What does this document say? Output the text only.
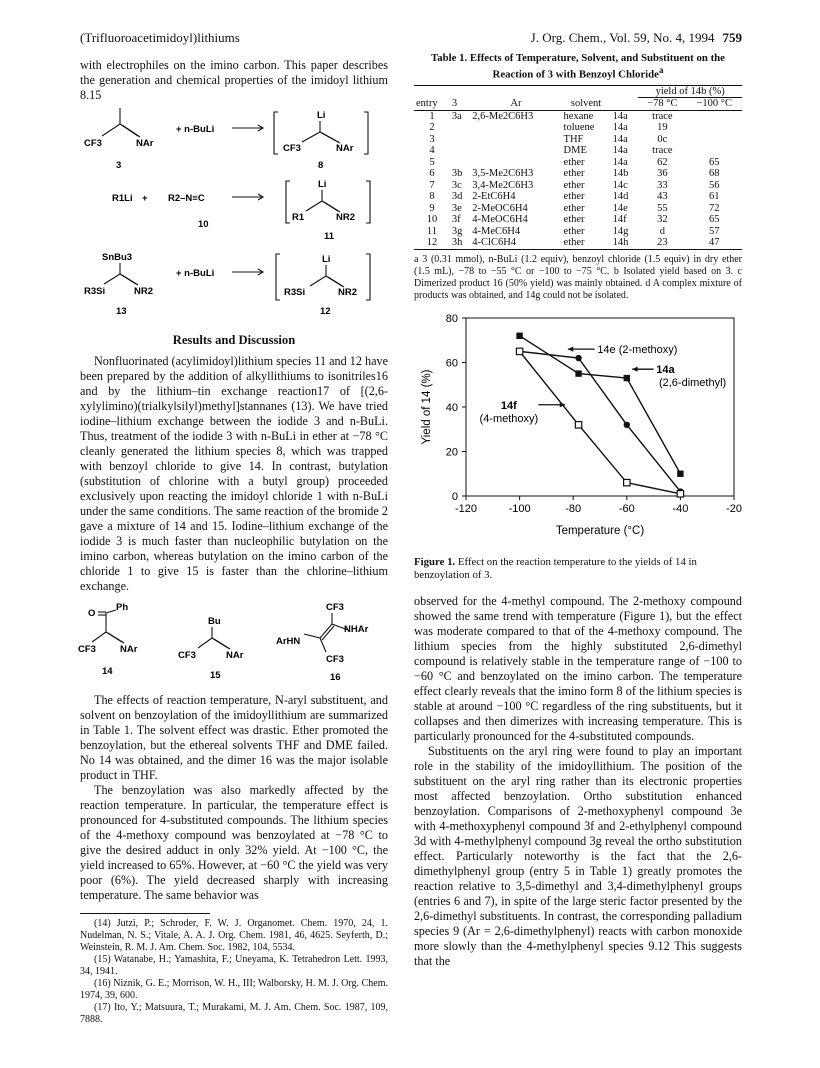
(Trifluoroacetimidoyl)lithiums	J. Org. Chem., Vol. 59, No. 4, 1994 759

with electrophiles on the imino carbon. This paper describes the generation and chemical properties of the imidoyl lithium 8.15

CF3	NAr
3
+ n-BuLi
Li
CF3	NAr
8

R1Li + R2–N≡C
10
Li
R1	NR2
11

SnBu3
R3Si	NR2
13
+ n-BuLi
Li
R3Si	NR2
12

Results and Discussion

Nonfluorinated (acylimidoyl)lithium species 11 and 12 have been prepared by the addition of alkyllithiums to isonitriles16 and by the lithium–tin exchange reaction17 of [(2,6-xylylimino)(trialkylsilyl)methyl]stannanes (13). We have tried iodine–lithium exchange between the iodide 3 and n-BuLi. Thus, treatment of the iodide 3 with n-BuLi in ether at −78 °C cleanly generated the lithium species 8, which was trapped with benzoyl chloride to give 14. In contrast, butylation (substitution of chlorine with a butyl group) proceeded exclusively upon reacting the imidoyl chloride 1 with n-BuLi under the same conditions. The same reaction of the bromide 2 gave a mixture of 14 and 15. Iodine–lithium exchange of the iodide 3 is much faster than nucleophilic butylation on the imino carbon, whereas butylation on the imino carbon of the chloride 1 to give 15 is faster than the chlorine–lithium exchange.

O
Ph
CF3	NAr
14
Bu
CF3	NAr
15
CF3
NHAr
ArHN
CF3
16

The effects of reaction temperature, N-aryl substituent, and solvent on benzoylation of the imidoyllithium are summarized in Table 1. The solvent effect was drastic. Ether promoted the benzoylation, but the ethereal solvents THF and DME failed. No 14 was obtained, and the dimer 16 was the major isolable product in THF.

The benzoylation was also markedly affected by the reaction temperature. In particular, the temperature effect is pronounced for 4-substituted compounds. The lithium species of the 4-methoxy compound was benzoylated at −78 °C to give the desired adduct in only 32% yield. At −100 °C, the yield increased to 65%. However, at −60 °C the yield was very poor (6%). The yield decreased sharply with increasing temperature. The same behavior was

(14) Jutzi, P.; Schroder, F. W. J. Organomet. Chem. 1970, 24, 1. Nudelman, N. S.; Vitale, A. A. J. Org. Chem. 1981, 46, 4625. Seyferth, D.; Weinstein, R. M. J. Am. Chem. Soc. 1982, 104, 5534.

(15) Watanabe, H.; Yamashita, F.; Uneyama, K. Tetrahedron Lett. 1993, 34, 1941.

(16) Niznik, G. E.; Morrison, W. H., III; Walborsky, H. M. J. Org. Chem. 1974, 39, 600.

(17) Ito, Y.; Matsuura, T.; Murakami, M. J. Am. Chem. Soc. 1987, 109, 7888.

Table 1. Effects of Temperature, Solvent, and Substituent on the Reaction of 3 with Benzoyl Chloride$^a$

					yield of 14b (%)	
entry	3	Ar	solvent		−78 °C	−100 °C
1	3a	2,6-Me2C6H3	hexane	14a	trace	
2			toluene	14a	19	
3			THF	14a	0c	
4			DME	14a	trace	
5			ether	14a	62	65
6	3b	3,5-Me2C6H3	ether	14b	36	68
7	3c	3,4-Me2C6H3	ether	14c	33	56
8	3d	2-EtC6H4	ether	14d	43	61
9	3e	2-MeOC6H4	ether	14e	55	72
10	3f	4-MeOC6H4	ether	14f	32	65
11	3g	4-MeC6H4	ether	14g	d	57
12	3h	4-ClC6H4	ether	14h	23	47

a 3 (0.31 mmol), n-BuLi (1.2 equiv), benzoyl chloride (1.5 equiv) in dry ether (1.5 mL), −78 to −55 °C or −100 to −75 °C. b Isolated yield based on 3. c Dimerized product 16 (50% yield) was mainly obtained. d A complex mixture of products was obtained, and 14g could not be isolated.

0
20
40
60
80
-120	-100	-80	-60	-40	-20
Temperature (°C)
Yield of 14 (%)
14e (2-methoxy)
14a
(2,6-dimethyl)
14f
(4-methoxy)

Figure 1. Effect on the reaction temperature to the yields of 14 in benzoylation of 3.

observed for the 4-methyl compound. The 2-methoxy compound showed the same trend with temperature (Figure 1), but the effect was moderate compared to that of the 4-methoxy compound. The lithium species from the highly substituted 2,6-dimethyl compound is relatively stable in the temperature range of −100 to −60 °C and benzoylated on the imino carbon. The temperature effect clearly reveals that the imino form 8 of the lithium species is stable at around −100 °C regardless of the ring substituents, but it collapses and then dimerizes with increasing temperature. This is particularly pronounced for the 4-substituted compounds.

Substituents on the aryl ring were found to play an important role in the stability of the imidoyllithium. The position of the substituent on the aryl ring rather than its electronic properties most affected benzoylation. Ortho substitution enhanced benzoylation. Comparisons of 2-methoxyphenyl compound 3e with 4-methoxyphenyl compound 3f and 2-ethylphenyl compound 3d with 4-methylphenyl compound 3g reveal the ortho substitution effect. Particularly noteworthy is the fact that the 2,6-dimethylphenyl group (entry 5 in Table 1) greatly promotes the reaction relative to 3,5-dimethyl and 3,4-dimethylphenyl groups (entries 6 and 7), in spite of the large steric factor presented by the 2,6-dimethyl substituents. In contrast, the corresponding palladium species 9 (Ar = 2,6-dimethylphenyl) reacts with carbon monoxide more slowly than the 4-methylphenyl species 9.12 This suggests that the
